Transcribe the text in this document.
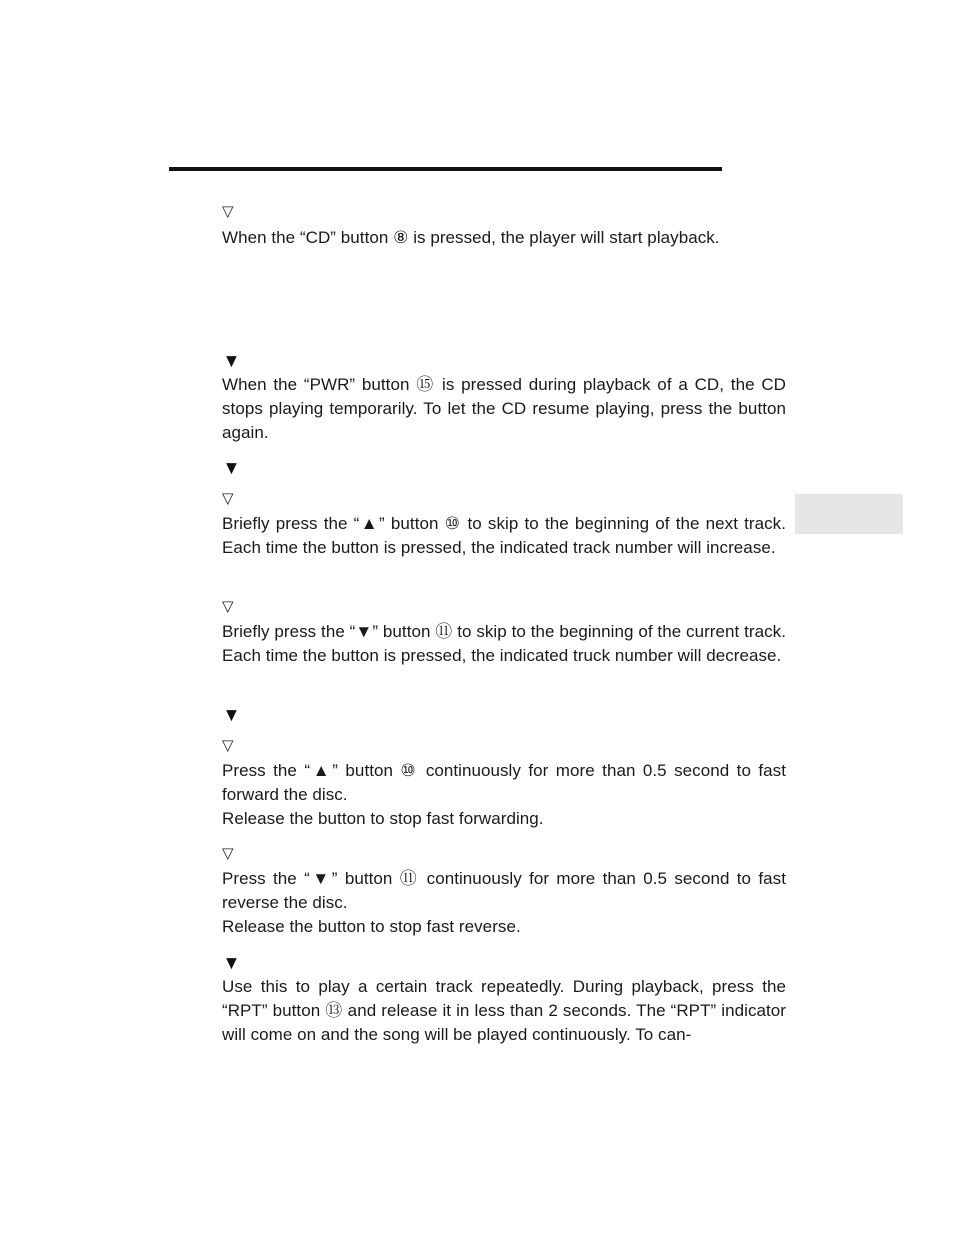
▽
When the “CD” button ⑧ is pressed, the player will start playback.
▼
When the “PWR” button ⑮ is pressed during playback of a CD, the CD stops playing temporarily. To let the CD resume playing, press the button again.
▼
▽
Briefly press the “▲” button ⑩ to skip to the beginning of the next track. Each time the button is pressed, the indicated track number will increase.
▽
Briefly press the “▼” button ⑪ to skip to the beginning of the current track. Each time the button is pressed, the indicated truck number will decrease.
▼
▽
Press the “▲” button ⑩ continuously for more than 0.5 second to fast forward the disc.
Release the button to stop fast forwarding.
▽
Press the “▼” button ⑪ continuously for more than 0.5 second to fast reverse the disc.
Release the button to stop fast reverse.
▼
Use this to play a certain track repeatedly. During playback, press the “RPT” button ⑬ and release it in less than 2 seconds. The “RPT” indicator will come on and the song will be played continuously. To can-
